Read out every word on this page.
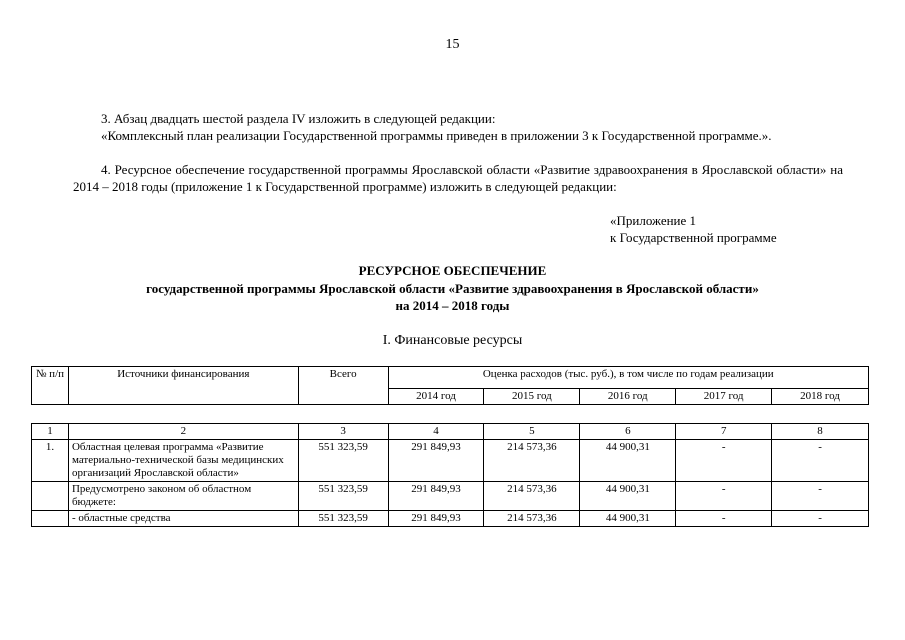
15

3. Абзац двадцать шестой раздела IV изложить в следующей редакции:

«Комплексный план реализации Государственной программы приведен в приложении 3 к Государственной программе.».

4. Ресурсное обеспечение государственной программы Ярославской области «Развитие здравоохранения в Ярославской области» на 2014 – 2018 годы (приложение 1 к Государственной программе) изложить в следующей редакции:

«Приложение 1
к Государственной программе
РЕСУРСНОЕ ОБЕСПЕЧЕНИЕ
государственной программы Ярославской области «Развитие здравоохранения в Ярославской области»
на 2014 – 2018 годы
I. Финансовые ресурсы
№ п/п	Источники финансирования	Всего	Оценка расходов (тыс. руб.), в том числе по годам реализации				
			2014 год	2015 год	2016 год	2017 год	2018 год
1	2	3	4	5	6	7	8
1.	Областная целевая программа «Развитие материально-технической базы медицинских организаций Ярославской области»	551 323,59	291 849,93	214 573,36	44 900,31	-	-
	Предусмотрено законом об областном бюджете:	551 323,59	291 849,93	214 573,36	44 900,31	-	-
	- областные средства	551 323,59	291 849,93	214 573,36	44 900,31	-	-
